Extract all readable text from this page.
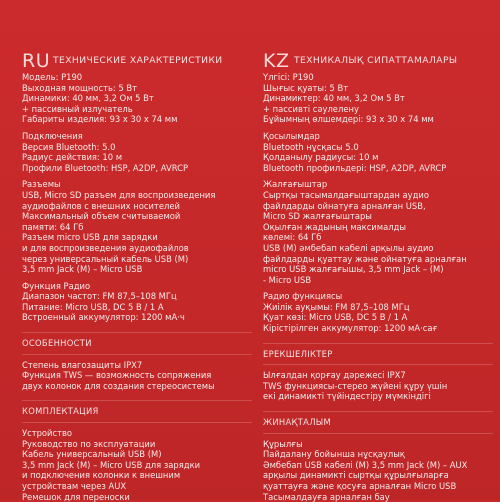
RU ТЕХНИЧЕСКИЕ ХАРАКТЕРИСТИКИ
Модель: P190
Выходная мощность: 5 Вт
Динамики: 40 мм, 3,2 Ом 5 Вт
+ пассивный излучатель
Габариты изделия: 93 x 30 x 74 мм
Подключения
Версия Bluetooth: 5.0
Радиус действия: 10 м
Профили Bluetooth: HSP, A2DP, AVRCP
Разъемы
USB, Micro SD разъем для воспроизведения
аудиофайлов с внешних носителей
Максимальный объем считываемой
памяти: 64 Гб
Разъем micro USB для зарядки
и для воспроизведения аудиофайлов
через универсальный кабель USB (M)
3,5 mm Jack (M) – Micro USB
Функция Радио
Диапазон частот: FM 87,5–108 МГц
Питание: Micro USB, DC 5 В / 1 А
Встроенный аккумулятор: 1200 мА·ч
ОСОБЕННОСТИ
Степень влагозащиты IPX7
Функция TWS — возможность сопряжения
двух колонок для создания стереосистемы
КОМПЛЕКТАЦИЯ
Устройство
Руководство по эксплуатации
Кабель универсальный USB (M)
3,5 mm Jack (M) – Micro USB для зарядки
и подключения колонки к внешним
устройствам через AUX
Ремешок для переноски
KZ ТЕХНИКАЛЫҚ СИПАТТАМАЛАРЫ
Үлгісі: P190
Шығыс қуаты: 5 Вт
Динамиктер: 40 мм, 3,2 Ом 5 Вт
+ пассивті сәулелену
Бұйымның өлшемдері: 93 x 30 x 74 мм
Қосылымдар
Bluetooth нұсқасы 5.0
Қолданылу радиусы: 10 м
Bluetooth профильдері: HSP, A2DP, AVRCP
Жалғағыштар
Сыртқы тасымалдағыштардан аудио
файлдарды ойнатуға арналған USB,
Micro SD жалғағыштары
Оқылған жадының максималды
көлемі: 64 Гб
USB (M) әмбебап кабелі арқылы аудио
файлдарды қуаттау және ойнатуға арналған
micro USB жалғағышы, 3,5 mm Jack – (M)
- Micro USB
Радио функциясы
Жиілік ауқымы: FM 87,5–108 МГц
Қуат көзі: Micro USB, DC 5 В / 1 А
Кірістірілген аккумулятор: 1200 мА·сағ
ЕРЕКШЕЛІКТЕР
Ылғалдан қорғау дәрежесі IPX7
TWS функциясы-стерео жүйені құру үшін
екі динамикті түйіндестіру мүмкіндігі
ЖИНАҚТАЛЫМ
Құрылғы
Пайдалану бойынша нұсқаулық
Әмбебап USB кабелі (M) 3,5 mm Jack (M) – AUX
арқылы динамикті сыртқы құрылғыларға
қуаттауға және қосуға арналған Micro USB
Тасымалдауға арналған бау
